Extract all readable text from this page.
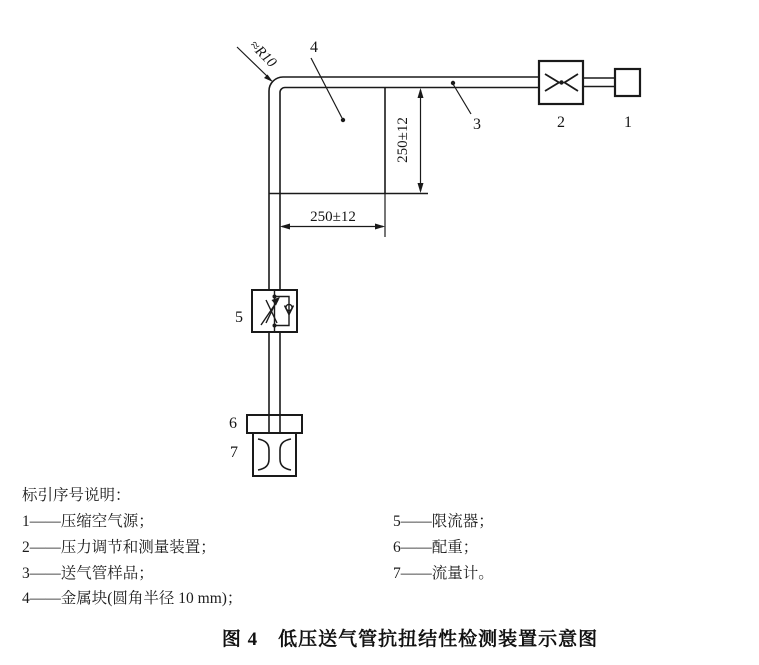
250±12
250±12
≈R10 4
3	2	1
5
6
7
标引序号说明：
1——压缩空气源；
2——压力调节和测量装置；
3——送气管样品；
4——金属块(圆角半径 10 mm)；
5——限流器；
6——配重；
7——流量计。
图 4　低压送气管抗扭结性检测装置示意图
